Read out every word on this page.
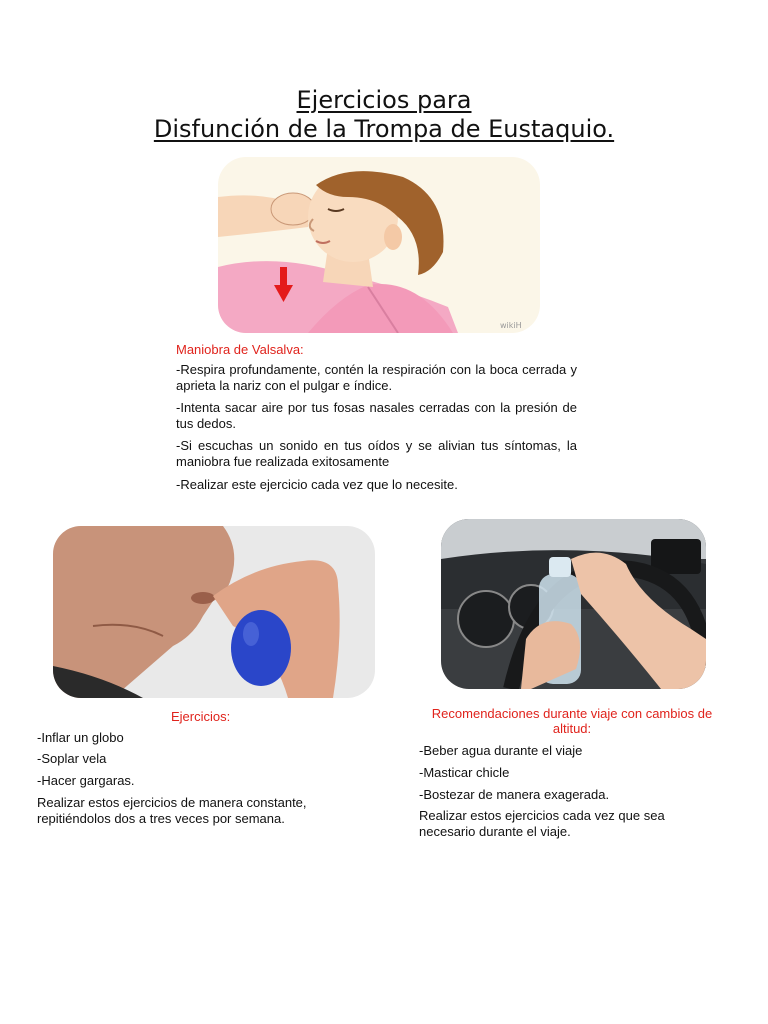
Ejercicios para
Disfunción de la Trompa de Eustaquio.
wikiH
Maniobra de Valsalva:

-Respira profundamente, contén la respiración con la boca cerrada y aprieta la nariz con el pulgar e índice.

-Intenta sacar aire por tus fosas nasales cerradas con la presión de tus dedos.

-Si escuchas un sonido en tus oídos y se alivian tus síntomas, la maniobra fue realizada exitosamente

-Realizar este ejercicio cada vez que lo necesite.

Ejercicios:

-Inflar un globo

-Soplar vela

-Hacer gargaras.

Realizar estos ejercicios de manera constante, repitiéndolos dos a tres veces por semana.

Recomendaciones durante viaje con cambios de altitud:

-Beber agua durante el viaje

-Masticar chicle

-Bostezar de manera exagerada.

Realizar estos ejercicios cada vez que sea necesario durante el viaje.
